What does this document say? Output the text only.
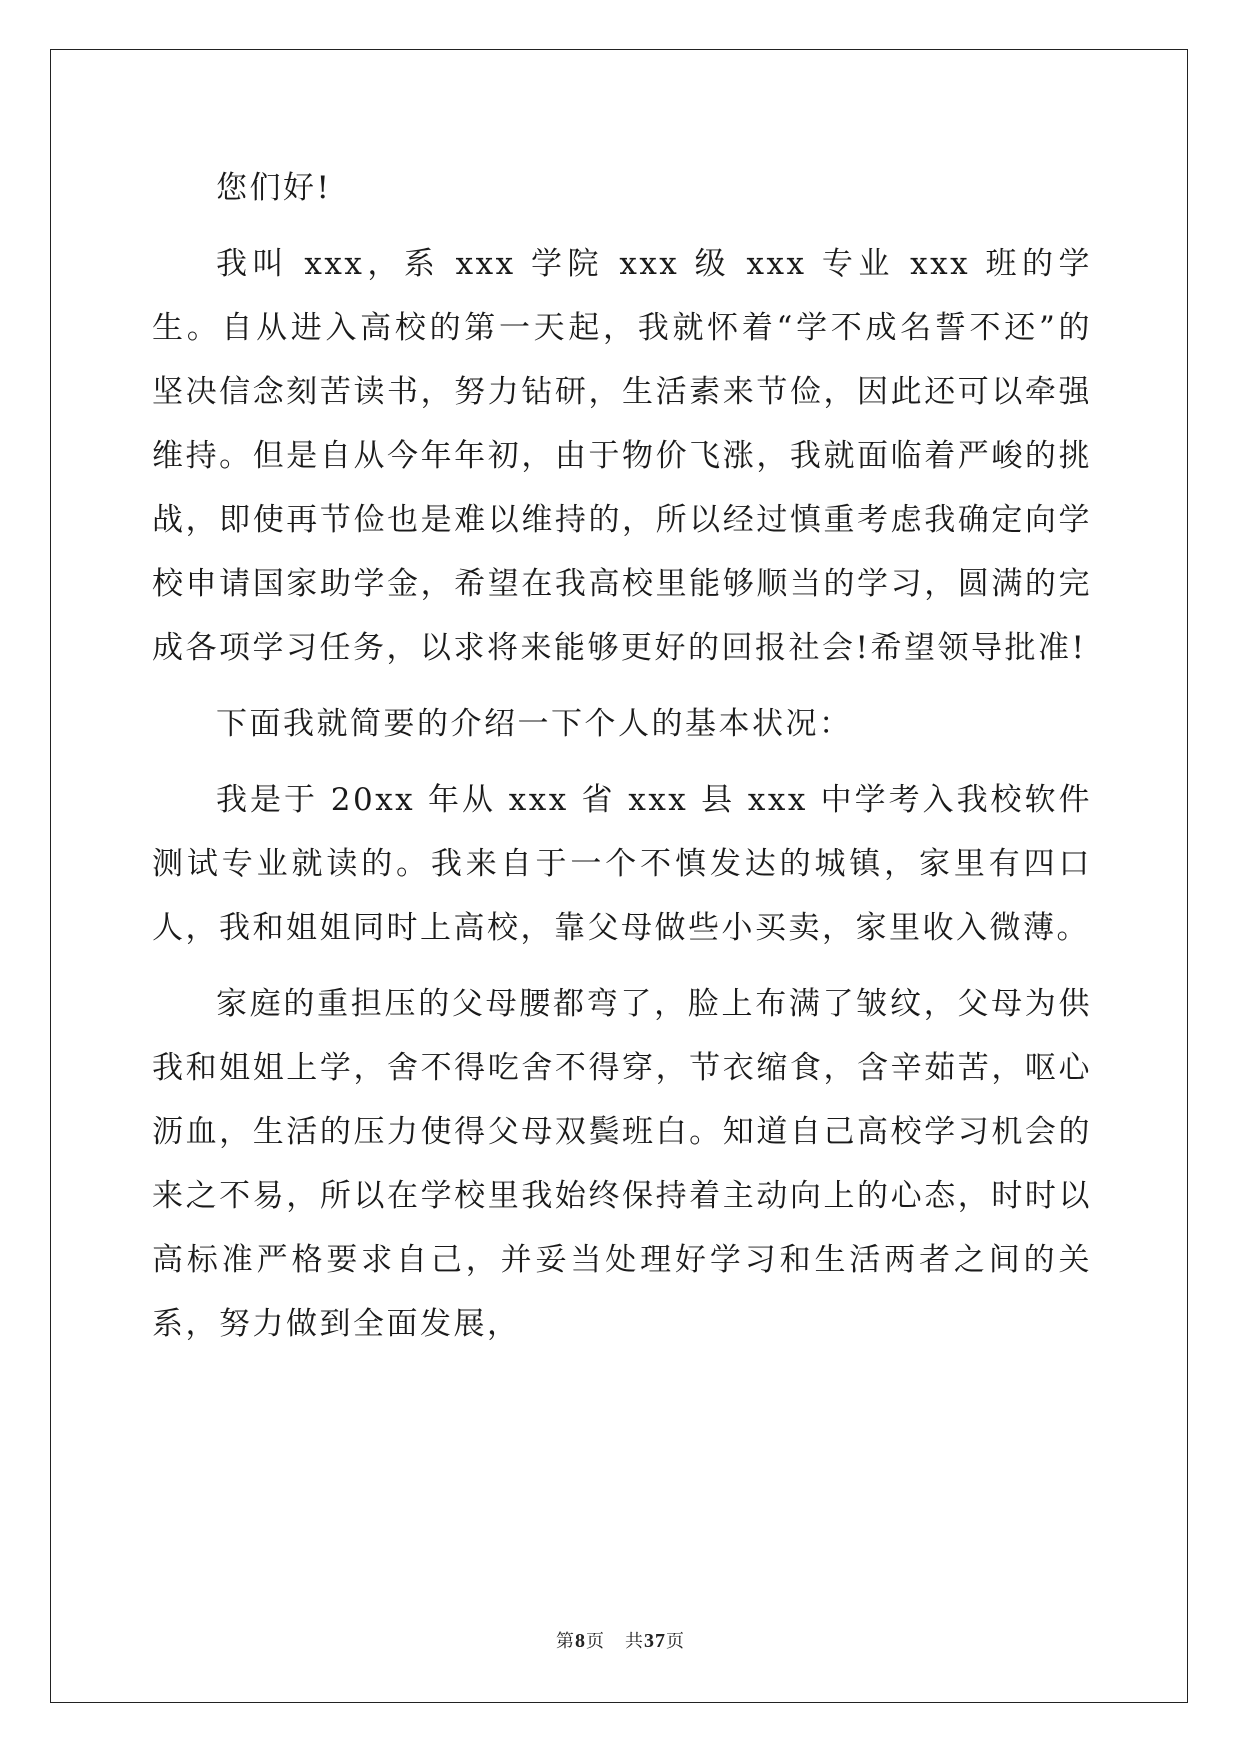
您们好!

我叫 xxx，系 xxx 学院 xxx 级 xxx 专业 xxx 班的学生。自从进入高校的第一天起，我就怀着“学不成名誓不还”的坚决信念刻苦读书，努力钻研，生活素来节俭，因此还可以牵强维持。但是自从今年年初，由于物价飞涨，我就面临着严峻的挑战，即使再节俭也是难以维持的，所以经过慎重考虑我确定向学校申请国家助学金，希望在我高校里能够顺当的学习，圆满的完成各项学习任务，以求将来能够更好的回报社会!希望领导批准!

下面我就简要的介绍一下个人的基本状况：

我是于 20xx 年从 xxx 省 xxx 县 xxx 中学考入我校软件测试专业就读的。我来自于一个不慎发达的城镇，家里有四口人，我和姐姐同时上高校，靠父母做些小买卖，家里收入微薄。

家庭的重担压的父母腰都弯了，脸上布满了皱纹，父母为供我和姐姐上学，舍不得吃舍不得穿，节衣缩食，含辛茹苦，呕心沥血，生活的压力使得父母双鬓班白。知道自己高校学习机会的来之不易，所以在学校里我始终保持着主动向上的心态，时时以高标准严格要求自己，并妥当处理好学习和生活两者之间的关系，努力做到全面发展，

第8页 共37页
